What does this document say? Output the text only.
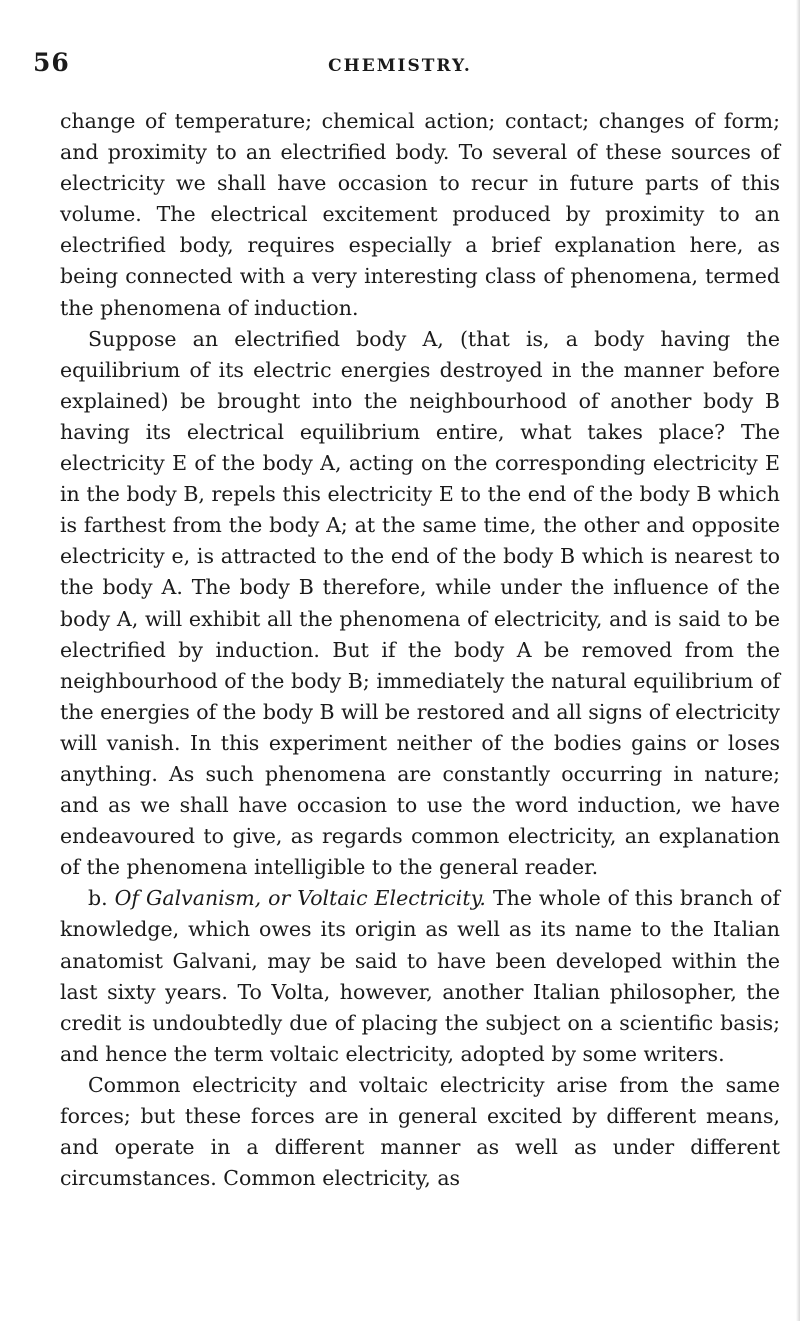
56	CHEMISTRY.

change of temperature; chemical action; contact; changes of form; and proximity to an electrified body. To several of these sources of electricity we shall have occasion to recur in future parts of this volume. The electrical excitement produced by proximity to an electrified body, requires especially a brief explanation here, as being connected with a very interesting class of phenomena, termed the phenomena of induction.

Suppose an electrified body A, (that is, a body having the equilibrium of its electric energies destroyed in the manner before explained) be brought into the neighbourhood of another body B having its electrical equilibrium entire, what takes place? The electricity E of the body A, acting on the corresponding electricity E in the body B, repels this electricity E to the end of the body B which is farthest from the body A; at the same time, the other and opposite electricity e, is attracted to the end of the body B which is nearest to the body A. The body B therefore, while under the influence of the body A, will exhibit all the phenomena of electricity, and is said to be electrified by induction. But if the body A be removed from the neighbourhood of the body B; immediately the natural equilibrium of the energies of the body B will be restored and all signs of electricity will vanish. In this experiment neither of the bodies gains or loses anything. As such phenomena are constantly occurring in nature; and as we shall have occasion to use the word induction, we have endeavoured to give, as regards common electricity, an explanation of the phenomena intelligible to the general reader.

b. Of Galvanism, or Voltaic Electricity. The whole of this branch of knowledge, which owes its origin as well as its name to the Italian anatomist Galvani, may be said to have been developed within the last sixty years. To Volta, however, another Italian philosopher, the credit is undoubtedly due of placing the subject on a scientific basis; and hence the term voltaic electricity, adopted by some writers.

Common electricity and voltaic electricity arise from the same forces; but these forces are in general excited by different means, and operate in a different manner as well as under different circumstances. Common electricity, as
